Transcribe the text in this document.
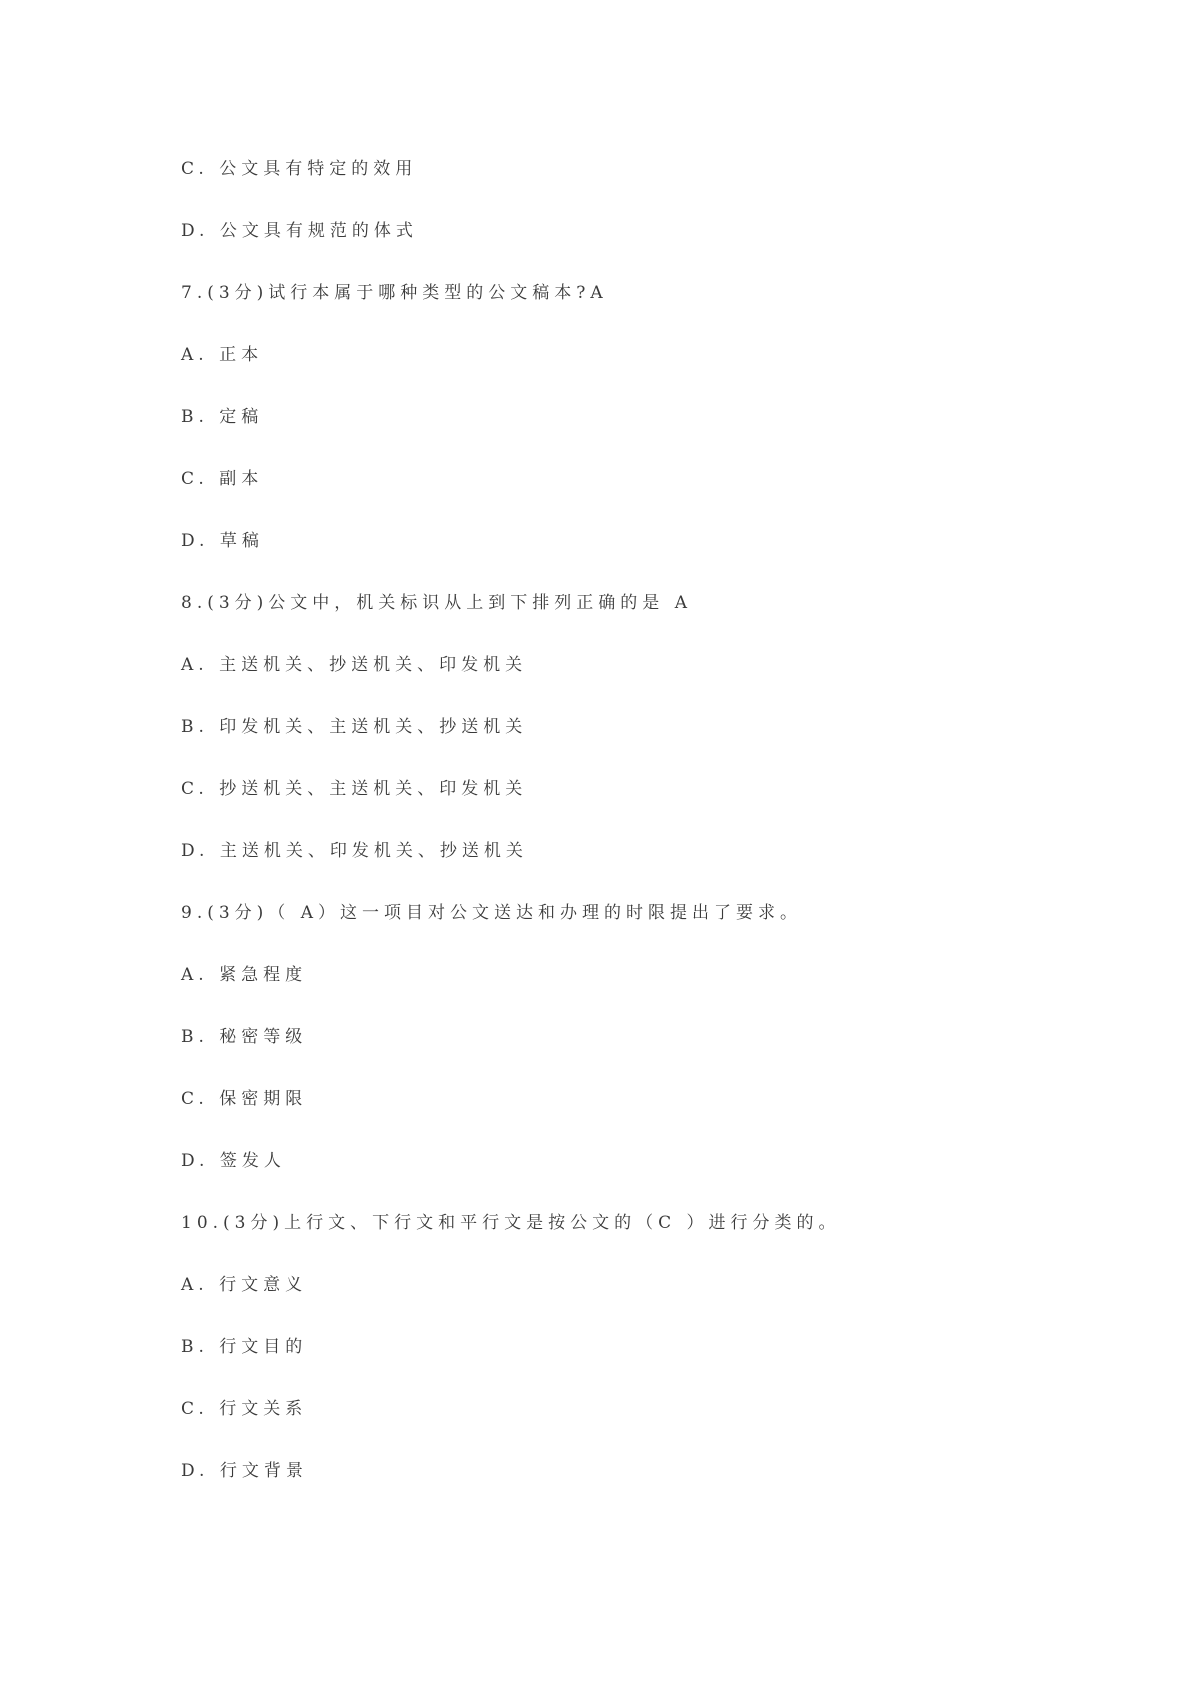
C. 公文具有特定的效用
D. 公文具有规范的体式
7.(3分)试行本属于哪种类型的公文稿本?A
A. 正本
B. 定稿
C. 副本
D. 草稿
8.(3分)公文中，机关标识从上到下排列正确的是 A
A. 主送机关、抄送机关、印发机关
B. 印发机关、主送机关、抄送机关
C. 抄送机关、主送机关、印发机关
D. 主送机关、印发机关、抄送机关
9.(3分)（ A）这一项目对公文送达和办理的时限提出了要求。
A. 紧急程度
B. 秘密等级
C. 保密期限
D. 签发人
10.(3分)上行文、下行文和平行文是按公文的（C ）进行分类的。
A. 行文意义
B. 行文目的
C. 行文关系
D. 行文背景
